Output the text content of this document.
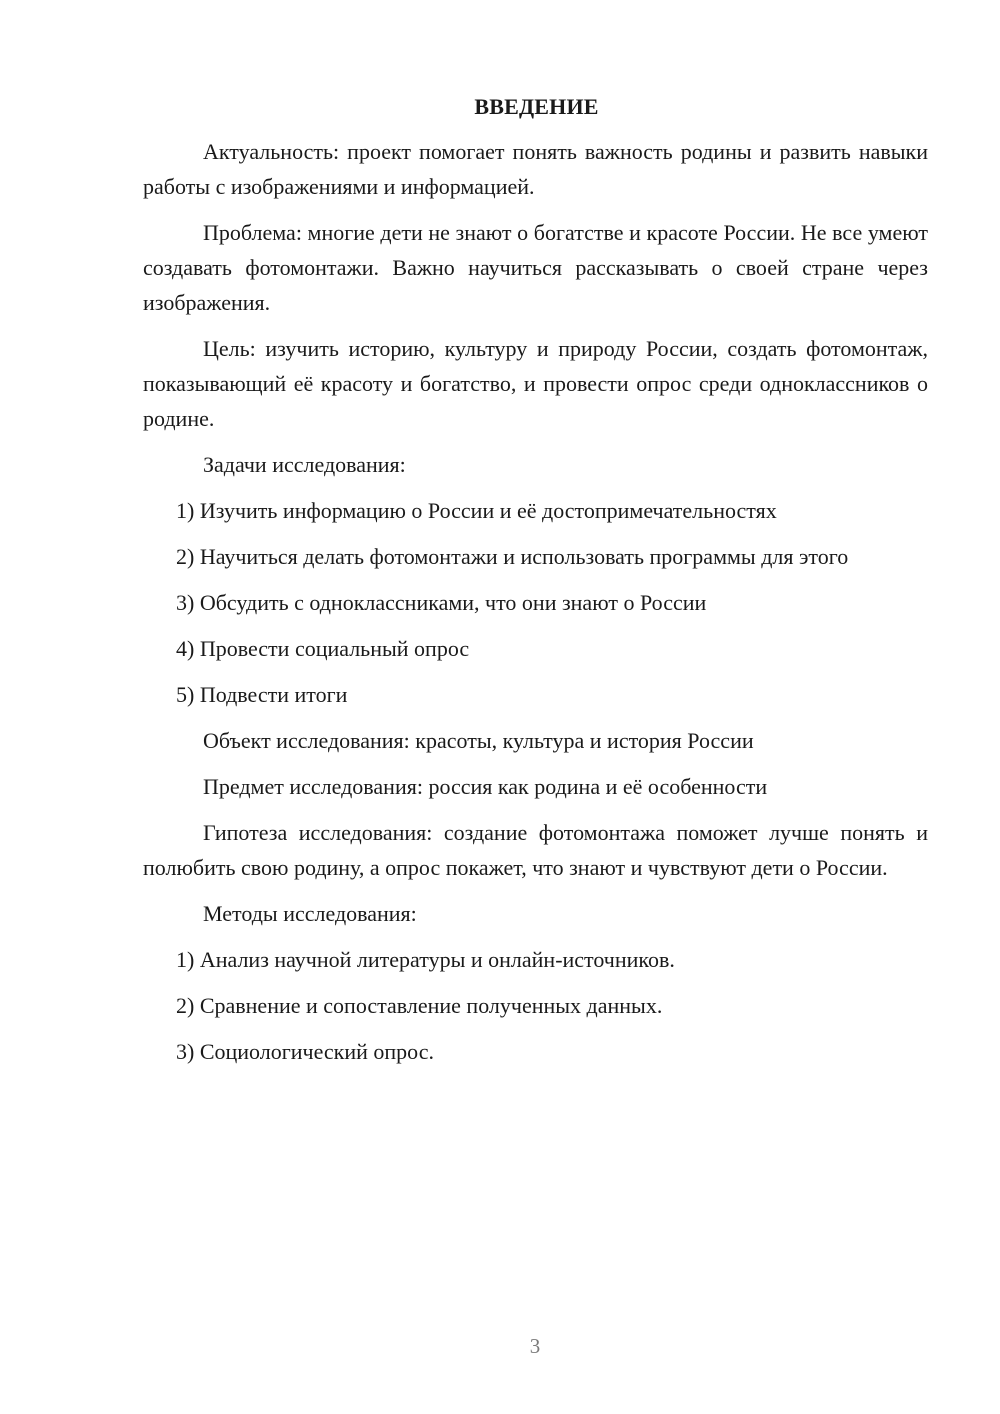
ВВЕДЕНИЕ

Актуальность: проект помогает понять важность родины и развить навыки работы с изображениями и информацией.

Проблема: многие дети не знают о богатстве и красоте России. Не все умеют создавать фотомонтажи. Важно научиться рассказывать о своей стране через изображения.

Цель: изучить историю, культуру и природу России, создать фотомонтаж, показывающий её красоту и богатство, и провести опрос среди одноклассников о родине.

Задачи исследования:

1) Изучить информацию о России и её достопримечательностях

2) Научиться делать фотомонтажи и использовать программы для этого

3) Обсудить с одноклассниками, что они знают о России

4) Провести социальный опрос

5) Подвести итоги

Объект исследования: красоты, культура и история России

Предмет исследования: россия как родина и её особенности

Гипотеза исследования: создание фотомонтажа поможет лучше понять и полюбить свою родину, а опрос покажет, что знают и чувствуют дети о России.

Методы исследования:

1) Анализ научной литературы и онлайн-источников.

2) Сравнение и сопоставление полученных данных.

3) Социологический опрос.

3
